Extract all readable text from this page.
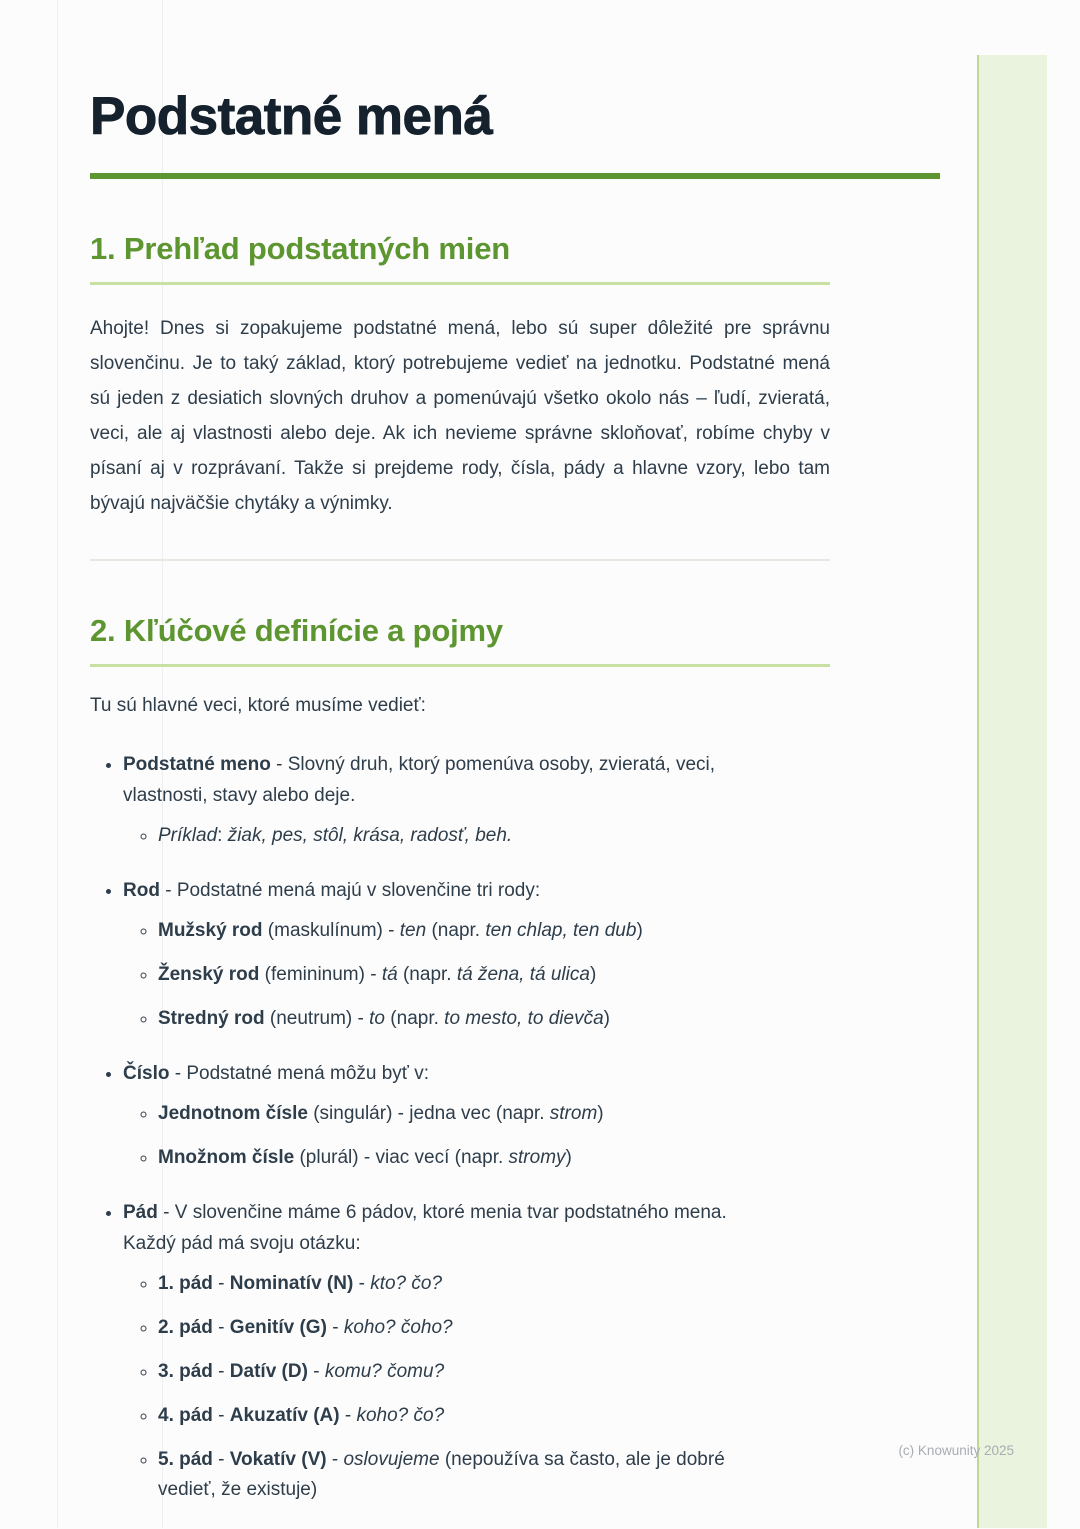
Podstatné mená
1. Prehľad podstatných mien

Ahojte! Dnes si zopakujeme podstatné mená, lebo sú super dôležité pre správnu slovenčinu. Je to taký základ, ktorý potrebujeme vedieť na jednotku. Podstatné mená sú jeden z desiatich slovných druhov a pomenúvajú všetko okolo nás – ľudí, zvieratá, veci, ale aj vlastnosti alebo deje. Ak ich nevieme správne skloňovať, robíme chyby v písaní aj v rozprávaní. Takže si prejdeme rody, čísla, pády a hlavne vzory, lebo tam bývajú najväčšie chytáky a výnimky.

2. Kľúčové definície a pojmy

Tu sú hlavné veci, ktoré musíme vedieť:

• Podstatné meno - Slovný druh, ktorý pomenúva osoby, zvieratá, veci,
vlastnosti, stavy alebo deje.
◦ Príklad: žiak, pes, stôl, krása, radosť, beh.
• Rod - Podstatné mená majú v slovenčine tri rody:
◦ Mužský rod (maskulínum) - ten (napr. ten chlap, ten dub)
◦ Ženský rod (femininum) - tá (napr. tá žena, tá ulica)
◦ Stredný rod (neutrum) - to (napr. to mesto, to dievča)
• Číslo - Podstatné mená môžu byť v:
◦ Jednotnom čísle (singulár) - jedna vec (napr. strom)
◦ Množnom čísle (plurál) - viac vecí (napr. stromy)
• Pád - V slovenčine máme 6 pádov, ktoré menia tvar podstatného mena.
Každý pád má svoju otázku:
◦ 1. pád - Nominatív (N) - kto? čo?
◦ 2. pád - Genitív (G) - koho? čoho?
◦ 3. pád - Datív (D) - komu? čomu?
◦ 4. pád - Akuzatív (A) - koho? čo?
◦ 5. pád - Vokatív (V) - oslovujeme (nepoužíva sa často, ale je dobré
vedieť, že existuje)
(c) Knowunity 2025
